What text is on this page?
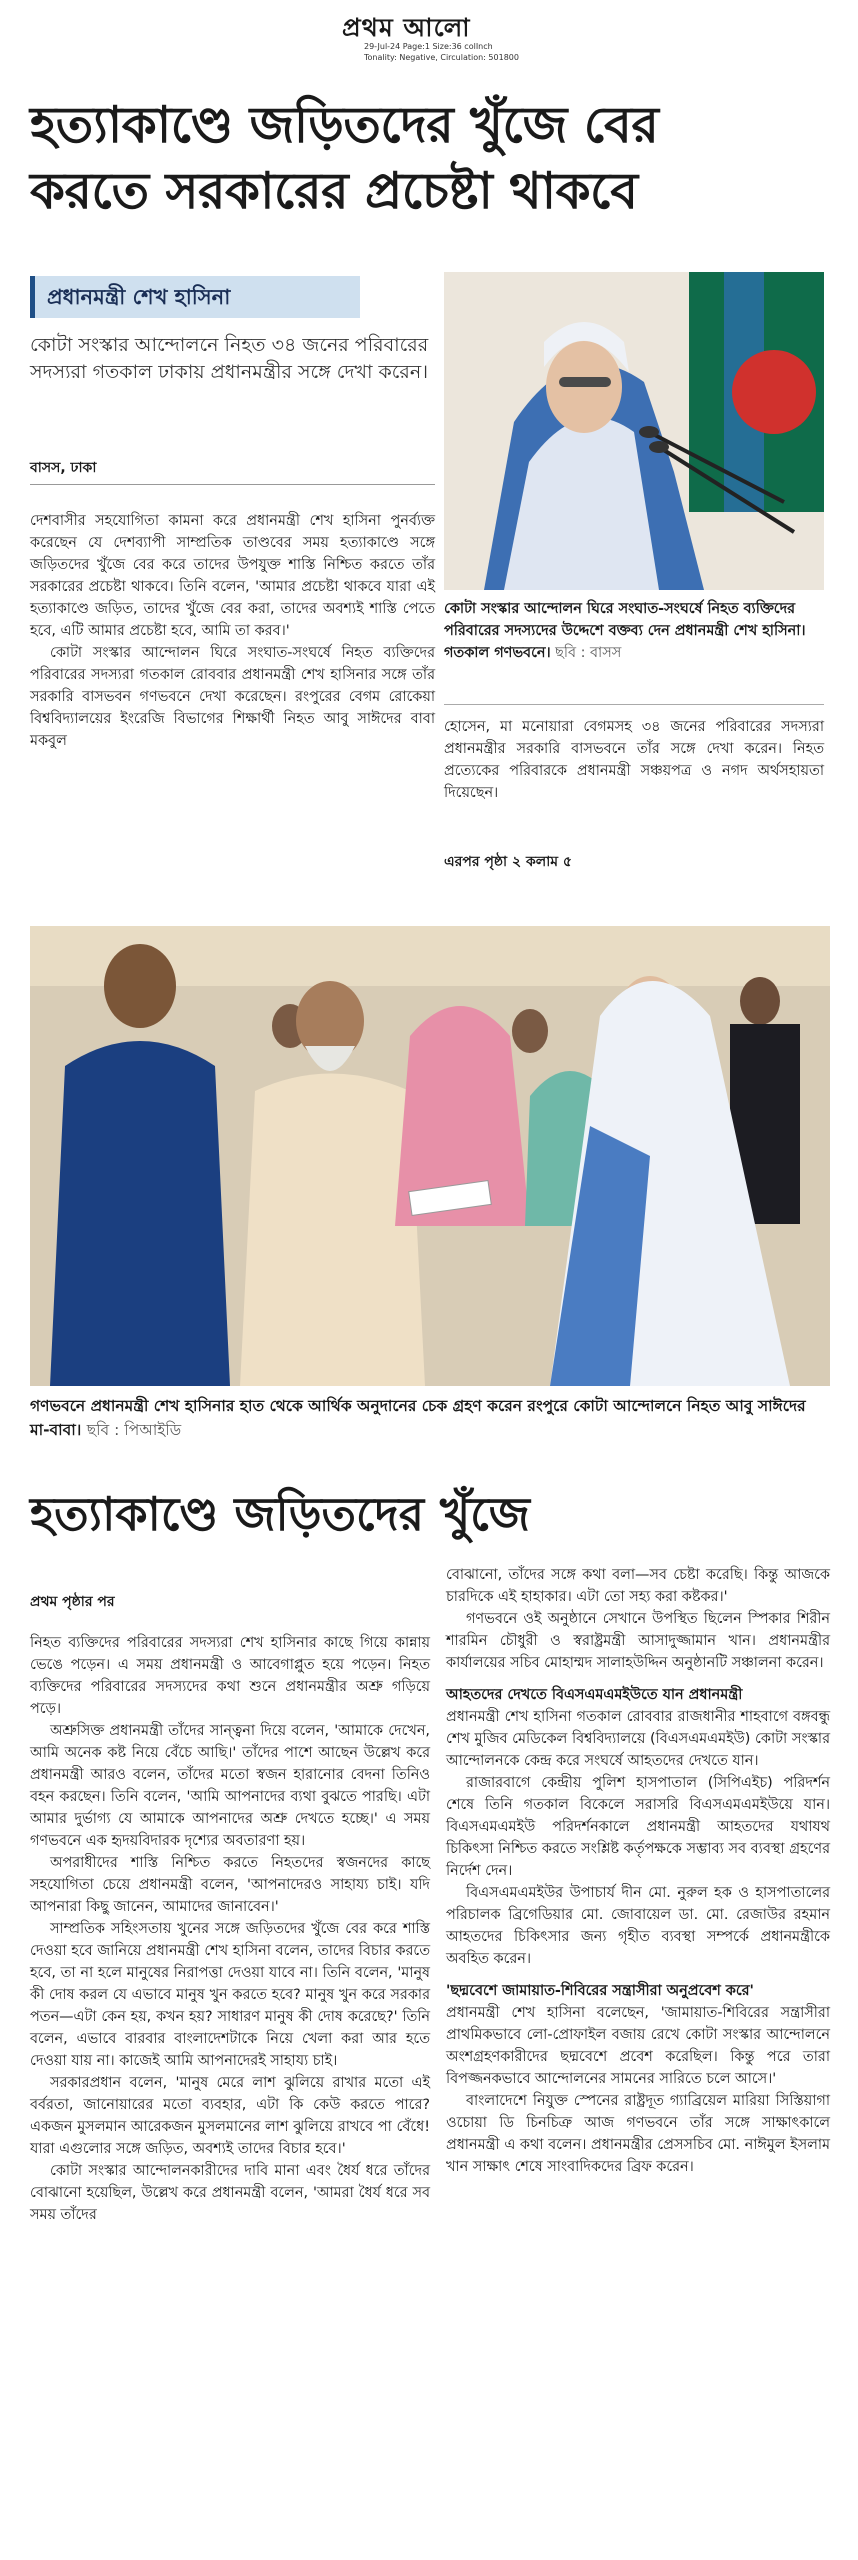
প্রথম আলো
29-Jul-24 Page:1 Size:36 colInch
Tonality: Negative, Circulation: 501800
হত্যাকাণ্ডে জড়িতদের খুঁজে বের
করতে সরকারের প্রচেষ্টা থাকবে
প্রধানমন্ত্রী শেখ হাসিনা
কোটা সংস্কার আন্দোলনে নিহত ৩৪ জনের পরিবারের সদস্যরা গতকাল ঢাকায় প্রধানমন্ত্রীর সঙ্গে দেখা করেন।
বাসস, ঢাকা

দেশবাসীর সহযোগিতা কামনা করে প্রধানমন্ত্রী শেখ হাসিনা পুনর্ব্যক্ত করেছেন যে দেশব্যাপী সাম্প্রতিক তাণ্ডবের সময় হত্যাকাণ্ডে সঙ্গে জড়িতদের খুঁজে বের করে তাদের উপযুক্ত শাস্তি নিশ্চিত করতে তাঁর সরকারের প্রচেষ্টা থাকবে। তিনি বলেন, 'আমার প্রচেষ্টা থাকবে যারা এই হত্যাকাণ্ডে জড়িত, তাদের খুঁজে বের করা, তাদের অবশ্যই শাস্তি পেতে হবে, এটি আমার প্রচেষ্টা হবে, আমি তা করব।'

কোটা সংস্কার আন্দোলন ঘিরে সংঘাত-সংঘর্ষে নিহত ব্যক্তিদের পরিবারের সদস্যরা গতকাল রোববার প্রধানমন্ত্রী শেখ হাসিনার সঙ্গে তাঁর সরকারি বাসভবন গণভবনে দেখা করেছেন। রংপুরের বেগম রোকেয়া বিশ্ববিদ্যালয়ের ইংরেজি বিভাগের শিক্ষার্থী নিহত আবু সাঈদের বাবা মকবুল

কোটা সংস্কার আন্দোলন ঘিরে সংঘাত-সংঘর্ষে নিহত ব্যক্তিদের পরিবারের সদস্যদের উদ্দেশে বক্তব্য দেন প্রধানমন্ত্রী শেখ হাসিনা। গতকাল গণভবনে। ছবি : বাসস

হোসেন, মা মনোয়ারা বেগমসহ ৩৪ জনের পরিবারের সদস্যরা প্রধানমন্ত্রীর সরকারি বাসভবনে তাঁর সঙ্গে দেখা করেন। নিহত প্রত্যেকের পরিবারকে প্রধানমন্ত্রী সঞ্চয়পত্র ও নগদ অর্থসহায়তা দিয়েছেন।

এরপর পৃষ্ঠা ২ কলাম ৫
গণভবনে প্রধানমন্ত্রী শেখ হাসিনার হাত থেকে আর্থিক অনুদানের চেক গ্রহণ করেন রংপুরে কোটা আন্দোলনে নিহত আবু সাঈদের মা-বাবা। ছবি : পিআইডি
হত্যাকাণ্ডে জড়িতদের খুঁজে
প্রথম পৃষ্ঠার পর

নিহত ব্যক্তিদের পরিবারের সদস্যরা শেখ হাসিনার কাছে গিয়ে কান্নায় ভেঙে পড়েন। এ সময় প্রধানমন্ত্রী ও আবেগাপ্লুত হয়ে পড়েন। নিহত ব্যক্তিদের পরিবারের সদস্যদের কথা শুনে প্রধানমন্ত্রীর অশ্রু গড়িয়ে পড়ে।

অশ্রুসিক্ত প্রধানমন্ত্রী তাঁদের সান্ত্বনা দিয়ে বলেন, 'আমাকে দেখেন, আমি অনেক কষ্ট নিয়ে বেঁচে আছি।' তাঁদের পাশে আছেন উল্লেখ করে প্রধানমন্ত্রী আরও বলেন, তাঁদের মতো স্বজন হারানোর বেদনা তিনিও বহন করছেন। তিনি বলেন, 'আমি আপনাদের ব্যথা বুঝতে পারছি। এটা আমার দুর্ভাগ্য যে আমাকে আপনাদের অশ্রু দেখতে হচ্ছে।' এ সময় গণভবনে এক হৃদয়বিদারক দৃশ্যের অবতারণা হয়।

অপরাধীদের শাস্তি নিশ্চিত করতে নিহতদের স্বজনদের কাছে সহযোগিতা চেয়ে প্রধানমন্ত্রী বলেন, 'আপনাদেরও সাহায্য চাই। যদি আপনারা কিছু জানেন, আমাদের জানাবেন।'

সাম্প্রতিক সহিংসতায় খুনের সঙ্গে জড়িতদের খুঁজে বের করে শাস্তি দেওয়া হবে জানিয়ে প্রধানমন্ত্রী শেখ হাসিনা বলেন, তাদের বিচার করতে হবে, তা না হলে মানুষের নিরাপত্তা দেওয়া যাবে না। তিনি বলেন, 'মানুষ কী দোষ করল যে এভাবে মানুষ খুন করতে হবে? মানুষ খুন করে সরকার পতন—এটা কেন হয়, কখন হয়? সাধারণ মানুষ কী দোষ করেছে?' তিনি বলেন, এভাবে বারবার বাংলাদেশটাকে নিয়ে খেলা করা আর হতে দেওয়া যায় না। কাজেই আমি আপনাদেরই সাহায্য চাই।

সরকারপ্রধান বলেন, 'মানুষ মেরে লাশ ঝুলিয়ে রাখার মতো এই বর্বরতা, জানোয়ারের মতো ব্যবহার, এটা কি কেউ করতে পারে? একজন মুসলমান আরেকজন মুসলমানের লাশ ঝুলিয়ে রাখবে পা বেঁধে! যারা এগুলোর সঙ্গে জড়িত, অবশ্যই তাদের বিচার হবে।'

কোটা সংস্কার আন্দোলনকারীদের দাবি মানা এবং ধৈর্য ধরে তাঁদের বোঝানো হয়েছিল, উল্লেখ করে প্রধানমন্ত্রী বলেন, 'আমরা ধৈর্য ধরে সব সময় তাঁদের

বোঝানো, তাঁদের সঙ্গে কথা বলা—সব চেষ্টা করেছি। কিন্তু আজকে চারদিকে এই হাহাকার। এটা তো সহ্য করা কষ্টকর।'

গণভবনে ওই অনুষ্ঠানে সেখানে উপস্থিত ছিলেন স্পিকার শিরীন শারমিন চৌধুরী ও স্বরাষ্ট্রমন্ত্রী আসাদুজ্জামান খান। প্রধানমন্ত্রীর কার্যালয়ের সচিব মোহাম্মদ সালাহউদ্দিন অনুষ্ঠানটি সঞ্চালনা করেন।

আহতদের দেখতে বিএসএমএমইউতে যান প্রধানমন্ত্রী

প্রধানমন্ত্রী শেখ হাসিনা গতকাল রোববার রাজধানীর শাহবাগে বঙ্গবন্ধু শেখ মুজিব মেডিকেল বিশ্ববিদ্যালয়ে (বিএসএমএমইউ) কোটা সংস্কার আন্দোলনকে কেন্দ্র করে সংঘর্ষে আহতদের দেখতে যান।

রাজারবাগে কেন্দ্রীয় পুলিশ হাসপাতাল (সিপিএইচ) পরিদর্শন শেষে তিনি গতকাল বিকেলে সরাসরি বিএসএমএমইউয়ে যান। বিএসএমএমইউ পরিদর্শনকালে প্রধানমন্ত্রী আহতদের যথাযথ চিকিৎসা নিশ্চিত করতে সংশ্লিষ্ট কর্তৃপক্ষকে সম্ভাব্য সব ব্যবস্থা গ্রহণের নির্দেশ দেন।

বিএসএমএমইউর উপাচার্য দীন মো. নুরুল হক ও হাসপাতালের পরিচালক ব্রিগেডিয়ার মো. জোবায়েল ডা. মো. রেজাউর রহমান আহতদের চিকিৎসার জন্য গৃহীত ব্যবস্থা সম্পর্কে প্রধানমন্ত্রীকে অবহিত করেন।

'ছদ্মবেশে জামায়াত-শিবিরের সন্ত্রাসীরা অনুপ্রবেশ করে'

প্রধানমন্ত্রী শেখ হাসিনা বলেছেন, 'জামায়াত-শিবিরের সন্ত্রাসীরা প্রাথমিকভাবে লো-প্রোফাইল বজায় রেখে কোটা সংস্কার আন্দোলনে অংশগ্রহণকারীদের ছদ্মবেশে প্রবেশ করেছিল। কিন্তু পরে তারা বিপজ্জনকভাবে আন্দোলনের সামনের সারিতে চলে আসে।'

বাংলাদেশে নিযুক্ত স্পেনের রাষ্ট্রদূত গ্যাব্রিয়েল মারিয়া সিস্তিয়াগা ওচোয়া ডি চিনচিত্রু আজ গণভবনে তাঁর সঙ্গে সাক্ষাৎকালে প্রধানমন্ত্রী এ কথা বলেন। প্রধানমন্ত্রীর প্রেসসচিব মো. নাঈমুল ইসলাম খান সাক্ষাৎ শেষে সাংবাদিকদের ব্রিফ করেন।
